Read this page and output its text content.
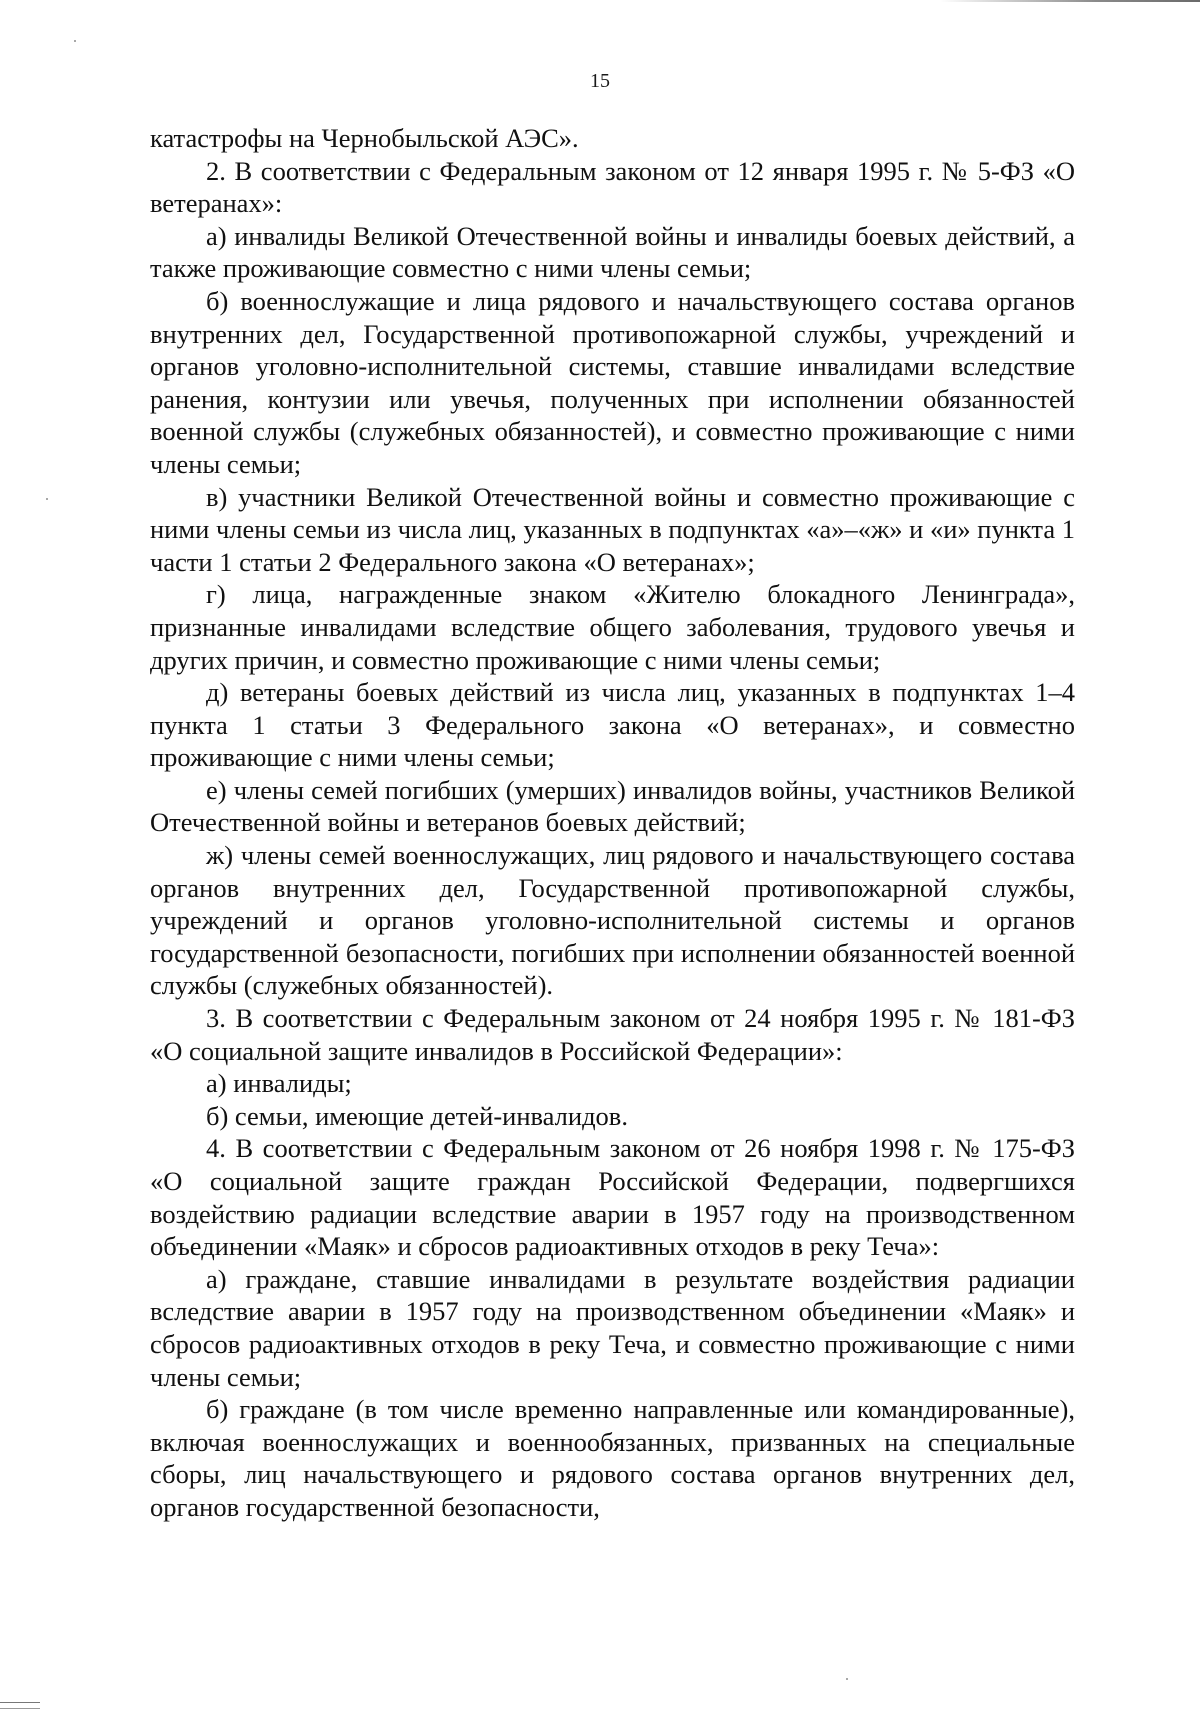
15

катастрофы на Чернобыльской АЭС».

2. В соответствии с Федеральным законом от 12 января 1995 г. № 5-ФЗ «О ветеранах»:

а) инвалиды Великой Отечественной войны и инвалиды боевых действий, а также проживающие совместно с ними члены семьи;

б) военнослужащие и лица рядового и начальствующего состава органов внутренних дел, Государственной противопожарной службы, учреждений и органов уголовно-исполнительной системы, ставшие инвалидами вследствие ранения, контузии или увечья, полученных при исполнении обязанностей военной службы (служебных обязанностей), и совместно проживающие с ними члены семьи;

в) участники Великой Отечественной войны и совместно проживающие с ними члены семьи из числа лиц, указанных в подпунктах «а»–«ж» и «и» пункта 1 части 1 статьи 2 Федерального закона «О ветеранах»;

г) лица, награжденные знаком «Жителю блокадного Ленинграда», признанные инвалидами вследствие общего заболевания, трудового увечья и других причин, и совместно проживающие с ними члены семьи;

д) ветераны боевых действий из числа лиц, указанных в подпунктах 1–4 пункта 1 статьи 3 Федерального закона «О ветеранах», и совместно проживающие с ними члены семьи;

е) члены семей погибших (умерших) инвалидов войны, участников Великой Отечественной войны и ветеранов боевых действий;

ж) члены семей военнослужащих, лиц рядового и начальствующего состава органов внутренних дел, Государственной противопожарной службы, учреждений и органов уголовно-исполнительной системы и органов государственной безопасности, погибших при исполнении обязанностей военной службы (служебных обязанностей).

3. В соответствии с Федеральным законом от 24 ноября 1995 г. № 181-ФЗ «О социальной защите инвалидов в Российской Федерации»:

а) инвалиды;

б) семьи, имеющие детей-инвалидов.

4. В соответствии с Федеральным законом от 26 ноября 1998 г. № 175-ФЗ «О социальной защите граждан Российской Федерации, подвергшихся воздействию радиации вследствие аварии в 1957 году на производственном объединении «Маяк» и сбросов радиоактивных отходов в реку Теча»:

а) граждане, ставшие инвалидами в результате воздействия радиации вследствие аварии в 1957 году на производственном объединении «Маяк» и сбросов радиоактивных отходов в реку Теча, и совместно проживающие с ними члены семьи;

б) граждане (в том числе временно направленные или командированные), включая военнослужащих и военнообязанных, призванных на специальные сборы, лиц начальствующего и рядового состава органов внутренних дел, органов государственной безопасности,
